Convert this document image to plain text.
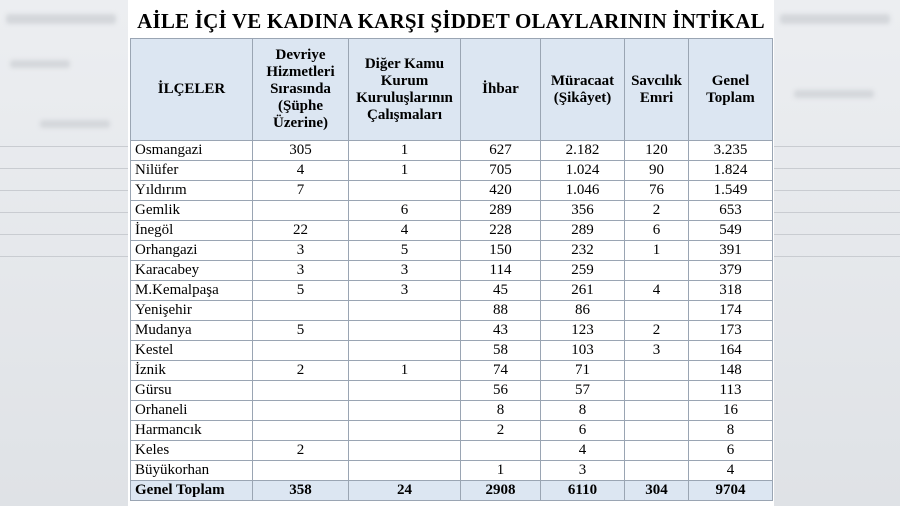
AİLE İÇİ VE KADINA KARŞI ŞİDDET OLAYLARININ İNTİKAL
İLÇELER	Devriye Hizmetleri Sırasında (Şüphe Üzerine)	Diğer Kamu Kurum Kuruluşlarının Çalışmaları	İhbar	Müracaat (Şikâyet)	Savcılık Emri	Genel Toplam
Osmangazi	305	1	627	2.182	120	3.235
Nilüfer	4	1	705	1.024	90	1.824
Yıldırım	7		420	1.046	76	1.549
Gemlik		6	289	356	2	653
İnegöl	22	4	228	289	6	549
Orhangazi	3	5	150	232	1	391
Karacabey	3	3	114	259		379
M.Kemalpaşa	5	3	45	261	4	318
Yenişehir			88	86		174
Mudanya	5		43	123	2	173
Kestel			58	103	3	164
İznik	2	1	74	71		148
Gürsu			56	57		113
Orhaneli			8	8		16
Harmancık			2	6		8
Keles	2			4		6
Büyükorhan			1	3		4
Genel Toplam	358	24	2908	6110	304	9704
